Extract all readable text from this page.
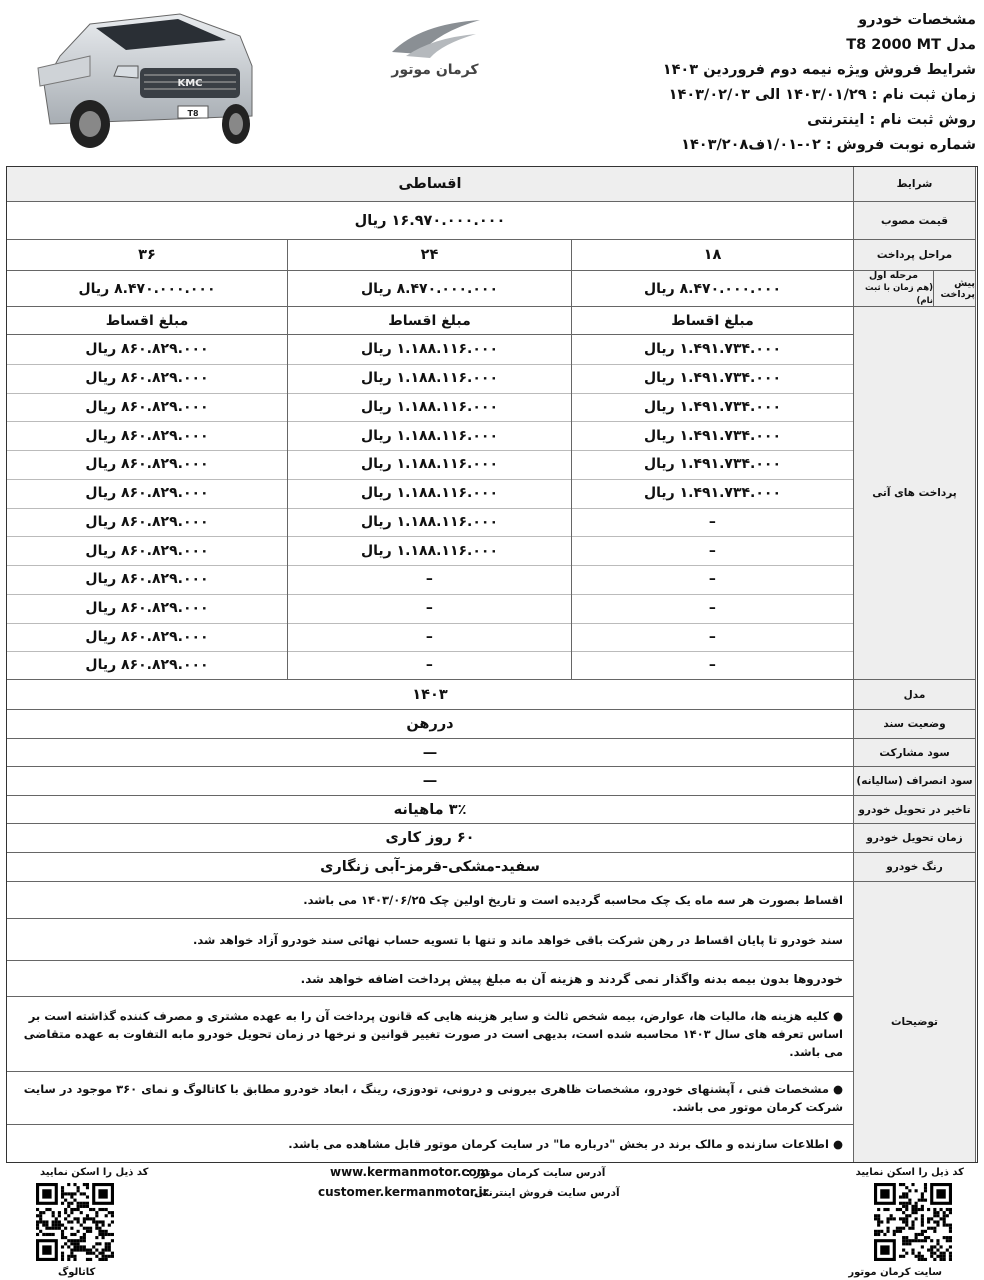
KMC
T8
کرمان موتور
مشخصات خودرو
مدل T8 2000 MT
شرایط فروش ویژه نیمه دوم فروردین ۱۴۰۳
زمان ثبت نام : ۱۴۰۳/۰۱/۲۹ الی ۱۴۰۳/۰۲/۰۳
روش ثبت نام : اینترنتی
شماره نوبت فروش : ۰۲-۱/۰۱ف۱۴۰۳/۲۰۸
شرایط
اقساطی
قیمت مصوب
۱۶.۹۷۰.۰۰۰.۰۰۰ ریال
مراحل پرداخت
۱۸
۲۴
۳۶
پیش پرداخت
مرحله اول
(هم زمان با ثبت نام)
۸.۴۷۰.۰۰۰.۰۰۰ ریال
۸.۴۷۰.۰۰۰.۰۰۰ ریال
۸.۴۷۰.۰۰۰.۰۰۰ ریال
پرداخت های آتی
مبلغ اقساط
مبلغ اقساط
مبلغ اقساط
۱.۴۹۱.۷۳۴.۰۰۰ ریال
۱.۱۸۸.۱۱۶.۰۰۰ ریال
۸۶۰.۸۲۹.۰۰۰ ریال
۱.۴۹۱.۷۳۴.۰۰۰ ریال
۱.۱۸۸.۱۱۶.۰۰۰ ریال
۸۶۰.۸۲۹.۰۰۰ ریال
۱.۴۹۱.۷۳۴.۰۰۰ ریال
۱.۱۸۸.۱۱۶.۰۰۰ ریال
۸۶۰.۸۲۹.۰۰۰ ریال
۱.۴۹۱.۷۳۴.۰۰۰ ریال
۱.۱۸۸.۱۱۶.۰۰۰ ریال
۸۶۰.۸۲۹.۰۰۰ ریال
۱.۴۹۱.۷۳۴.۰۰۰ ریال
۱.۱۸۸.۱۱۶.۰۰۰ ریال
۸۶۰.۸۲۹.۰۰۰ ریال
۱.۴۹۱.۷۳۴.۰۰۰ ریال
۱.۱۸۸.۱۱۶.۰۰۰ ریال
۸۶۰.۸۲۹.۰۰۰ ریال
–
۱.۱۸۸.۱۱۶.۰۰۰ ریال
۸۶۰.۸۲۹.۰۰۰ ریال
–
۱.۱۸۸.۱۱۶.۰۰۰ ریال
۸۶۰.۸۲۹.۰۰۰ ریال
–
–
۸۶۰.۸۲۹.۰۰۰ ریال
–
–
۸۶۰.۸۲۹.۰۰۰ ریال
–
–
۸۶۰.۸۲۹.۰۰۰ ریال
–
–
۸۶۰.۸۲۹.۰۰۰ ریال
مدل
۱۴۰۳
وضعیت سند
دررهن
سود مشارکت
—
سود انصراف (سالیانه)
—
تاخیر در تحویل خودرو
۳٪ ماهیانه
زمان تحویل خودرو
۶۰ روز کاری
رنگ خودرو
سفید-مشکی-قرمز-آبی زنگاری
توضیحات
اقساط بصورت هر سه ماه یک چک محاسبه گردیده است و تاریخ اولین چک ۱۴۰۳/۰۶/۲۵ می باشد.
سند خودرو تا پایان اقساط در رهن شرکت باقی خواهد ماند و تنها با تسویه حساب نهائی سند خودرو آزاد خواهد شد.
خودروها بدون بیمه بدنه واگذار نمی گردند و هزینه آن به مبلغ پیش پرداخت اضافه خواهد شد.
● کلیه هزینه ها، مالیات ها، عوارض، بیمه شخص ثالث و سایر هزینه هایی که قانون پرداخت آن را به عهده مشتری و مصرف کننده گذاشته است بر اساس تعرفه های سال ۱۴۰۳ محاسبه شده است، بدیهی است در صورت تغییر قوانین و نرخها در زمان تحویل خودرو مابه التفاوت به عهده متقاضی می باشد.
● مشخصات فنی ، آپشنهای خودرو، مشخصات ظاهری بیرونی و درونی، تودوزی، رینگ ، ابعاد خودرو مطابق با کاتالوگ و نمای ۳۶۰ موجود در سایت شرکت کرمان موتور می باشد.
● اطلاعات سازنده و مالک برند در بخش "درباره ما" در سایت کرمان موتور قابل مشاهده می باشد.
کد ذیل را اسکن نمایید
کد ذیل را اسکن نمایید
سایت کرمان موتور
کاتالوگ
www.kermanmotor.com
آدرس سایت کرمان موتور :
customer.kermanmotor.ir
آدرس سایت فروش اینترنتی :
